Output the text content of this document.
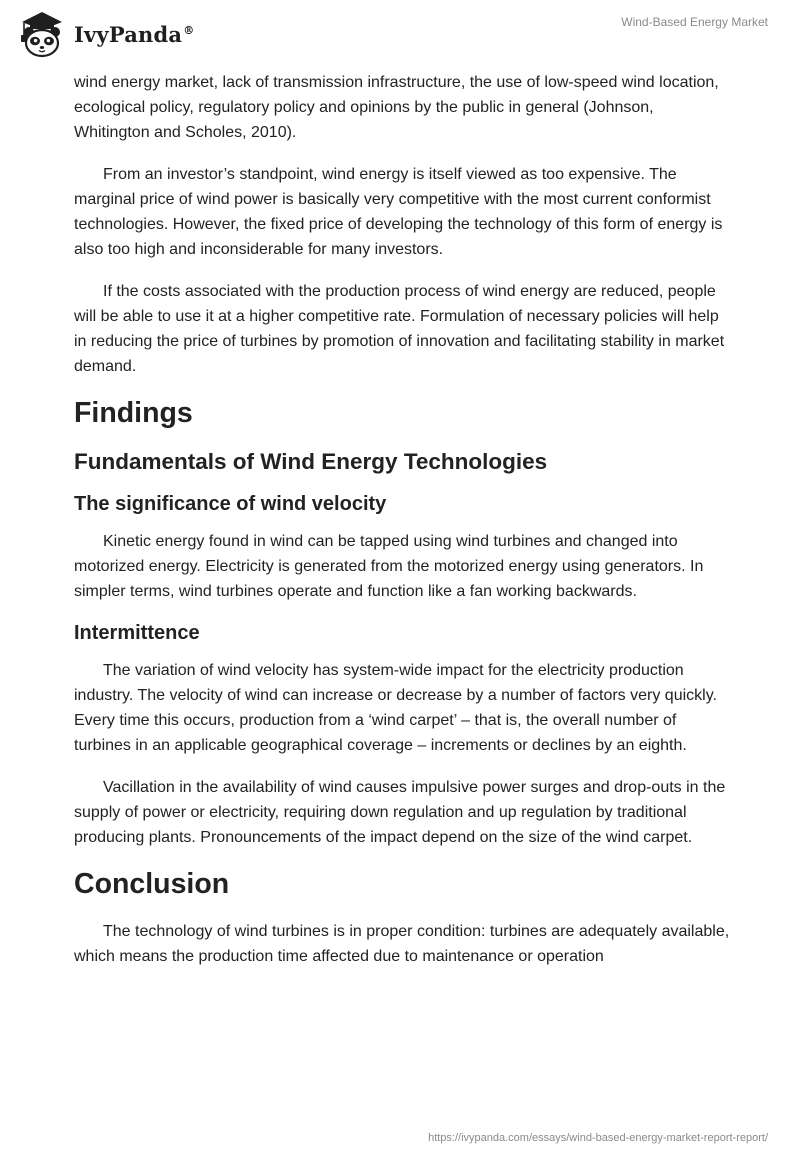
IvyPanda®
Wind-Based Energy Market

wind energy market, lack of transmission infrastructure, the use of low-speed wind location, ecological policy, regulatory policy and opinions by the public in general (Johnson, Whitington and Scholes, 2010).

From an investor’s standpoint, wind energy is itself viewed as too expensive. The marginal price of wind power is basically very competitive with the most current conformist technologies. However, the fixed price of developing the technology of this form of energy is also too high and inconsiderable for many investors.

If the costs associated with the production process of wind energy are reduced, people will be able to use it at a higher competitive rate. Formulation of necessary policies will help in reducing the price of turbines by promotion of innovation and facilitating stability in market demand.

Findings
Fundamentals of Wind Energy Technologies
The significance of wind velocity

Kinetic energy found in wind can be tapped using wind turbines and changed into motorized energy. Electricity is generated from the motorized energy using generators. In simpler terms, wind turbines operate and function like a fan working backwards.

Intermittence

The variation of wind velocity has system-wide impact for the electricity production industry. The velocity of wind can increase or decrease by a number of factors very quickly. Every time this occurs, production from a ‘wind carpet’ – that is, the overall number of turbines in an applicable geographical coverage – increments or declines by an eighth.

Vacillation in the availability of wind causes impulsive power surges and drop-outs in the supply of power or electricity, requiring down regulation and up regulation by traditional producing plants. Pronouncements of the impact depend on the size of the wind carpet.

Conclusion

The technology of wind turbines is in proper condition: turbines are adequately available, which means the production time affected due to maintenance or operation

https://ivypanda.com/essays/wind-based-energy-market-report-report/
